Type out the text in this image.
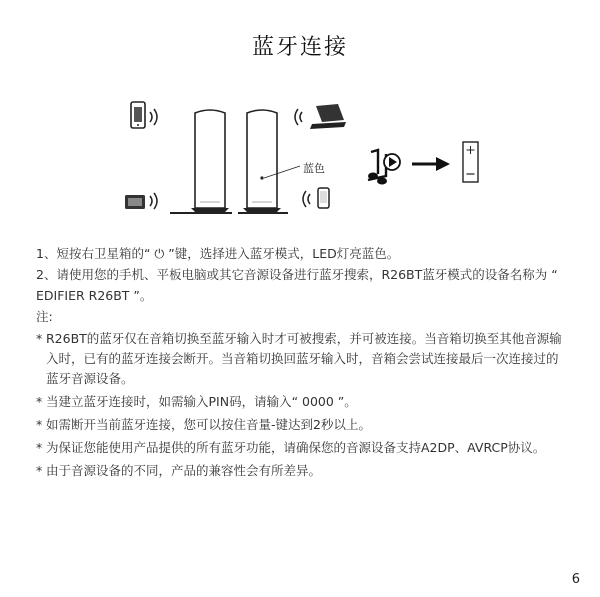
蓝牙连接
蓝色
1、短按右卫星箱的“ ⏻ ”键，选择进入蓝牙模式，LED灯亮蓝色。
2、请使用您的手机、平板电脑或其它音源设备进行蓝牙搜索，R26BT蓝牙模式的设备名称为 “ EDIFIER R26BT ”。
注:
* R26BT的蓝牙仅在音箱切换至蓝牙输入时才可被搜索，并可被连接。当音箱切换至其他音源输入时，已有的蓝牙连接会断开。当音箱切换回蓝牙输入时，音箱会尝试连接最后一次连接过的蓝牙音源设备。
* 当建立蓝牙连接时，如需输入PIN码，请输入“ 0000 ”。
* 如需断开当前蓝牙连接，您可以按住音量-键达到2秒以上。
* 为保证您能使用产品提供的所有蓝牙功能，请确保您的音源设备支持A2DP、AVRCP协议。
* 由于音源设备的不同，产品的兼容性会有所差异。
6
